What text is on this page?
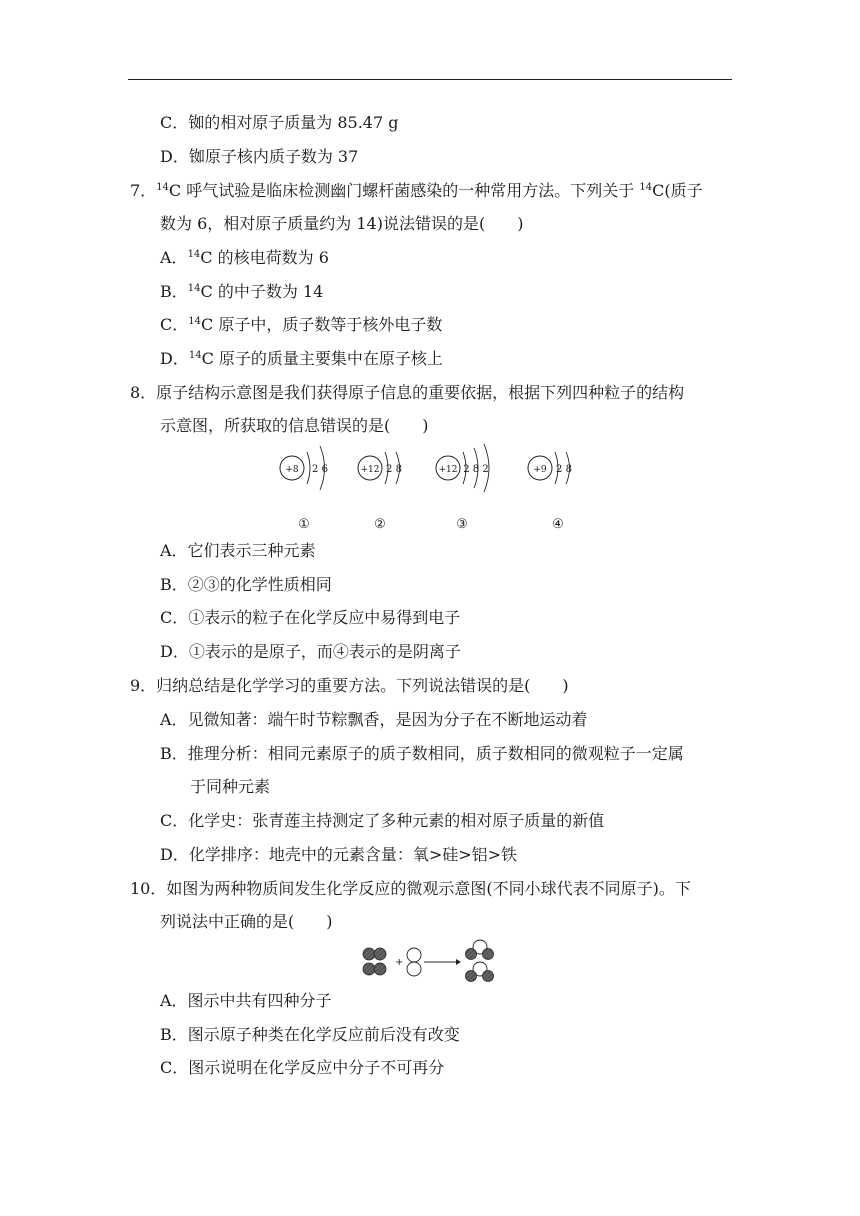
C．铷的相对原子质量为 85.47 g
D．铷原子核内质子数为 37
7．$^{14}$C 呼气试验是临床检测幽门螺杆菌感染的一种常用方法。下列关于 $^{14}$C(质子
数为 6，相对原子质量约为 14)说法错误的是(　　)
A．$^{14}$C 的核电荷数为 6
B．$^{14}$C 的中子数为 14
C．$^{14}$C 原子中，质子数等于核外电子数
D．$^{14}$C 原子的质量主要集中在原子核上
8．原子结构示意图是我们获得原子信息的重要依据，根据下列四种粒子的结构
示意图，所获取的信息错误的是(　　)
+8 2 6	+12 2 8	+12 2 8 2	+9 2 8
①	②	③	④
A．它们表示三种元素
B．②③的化学性质相同
C．①表示的粒子在化学反应中易得到电子
D．①表示的是原子，而④表示的是阴离子
9．归纳总结是化学学习的重要方法。下列说法错误的是(　　)
A．见微知著：端午时节粽飘香，是因为分子在不断地运动着
B．推理分析：相同元素原子的质子数相同，质子数相同的微观粒子一定属
于同种元素
C．化学史：张青莲主持测定了多种元素的相对原子质量的新值
D．化学排序：地壳中的元素含量：氧>硅>铝>铁
10．如图为两种物质间发生化学反应的微观示意图(不同小球代表不同原子)。下
列说法中正确的是(　　)
+
A．图示中共有四种分子
B．图示原子种类在化学反应前后没有改变
C．图示说明在化学反应中分子不可再分
